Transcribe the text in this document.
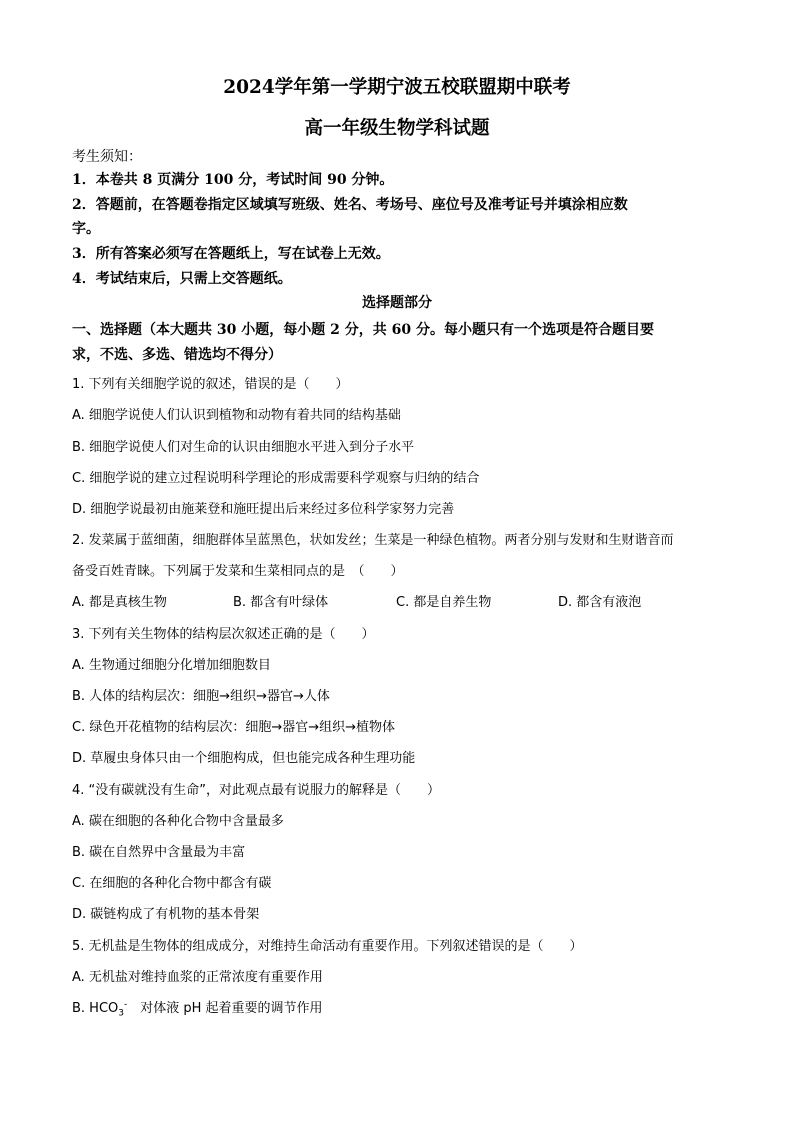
2024学年第一学期宁波五校联盟期中联考
高一年级生物学科试题
考生须知：
1．本卷共 8 页满分 100 分，考试时间 90 分钟。
2．答题前，在答题卷指定区域填写班级、姓名、考场号、座位号及准考证号并填涂相应数
字。
3．所有答案必须写在答题纸上，写在试卷上无效。
4．考试结束后，只需上交答题纸。
选择题部分
一、选择题（本大题共 30 小题，每小题 2 分，共 60 分。每小题只有一个选项是符合题目要
求，不选、多选、错选均不得分）
1. 下列有关细胞学说的叙述，错误的是（　　）
A. 细胞学说使人们认识到植物和动物有着共同的结构基础
B. 细胞学说使人们对生命的认识由细胞水平进入到分子水平
C. 细胞学说的建立过程说明科学理论的形成需要科学观察与归纳的结合
D. 细胞学说最初由施莱登和施旺提出后来经过多位科学家努力完善
2. 发菜属于蓝细菌，细胞群体呈蓝黑色，状如发丝；生菜是一种绿色植物。两者分别与发财和生财谐音而
备受百姓青睐。下列属于发菜和生菜相同点的是　（　　）
A. 都是真核生物	B. 都含有叶绿体	C. 都是自养生物	D. 都含有液泡
3. 下列有关生物体的结构层次叙述正确的是（　　）
A. 生物通过细胞分化增加细胞数目
B. 人体的结构层次：细胞→组织→器官→人体
C. 绿色开花植物的结构层次：细胞→器官→组织→植物体
D. 草履虫身体只由一个细胞构成，但也能完成各种生理功能
4. “没有碳就没有生命”，对此观点最有说服力的解释是（　　）
A. 碳在细胞的各种化合物中含量最多
B. 碳在自然界中含量最为丰富
C. 在细胞的各种化合物中都含有碳
D. 碳链构成了有机物的基本骨架
5. 无机盐是生物体的组成成分，对维持生命活动有重要作用。下列叙述错误的是（　　）
A. 无机盐对维持血浆的正常浓度有重要作用
B. $HCO_3^-$　对体液 pH 起着重要的调节作用
